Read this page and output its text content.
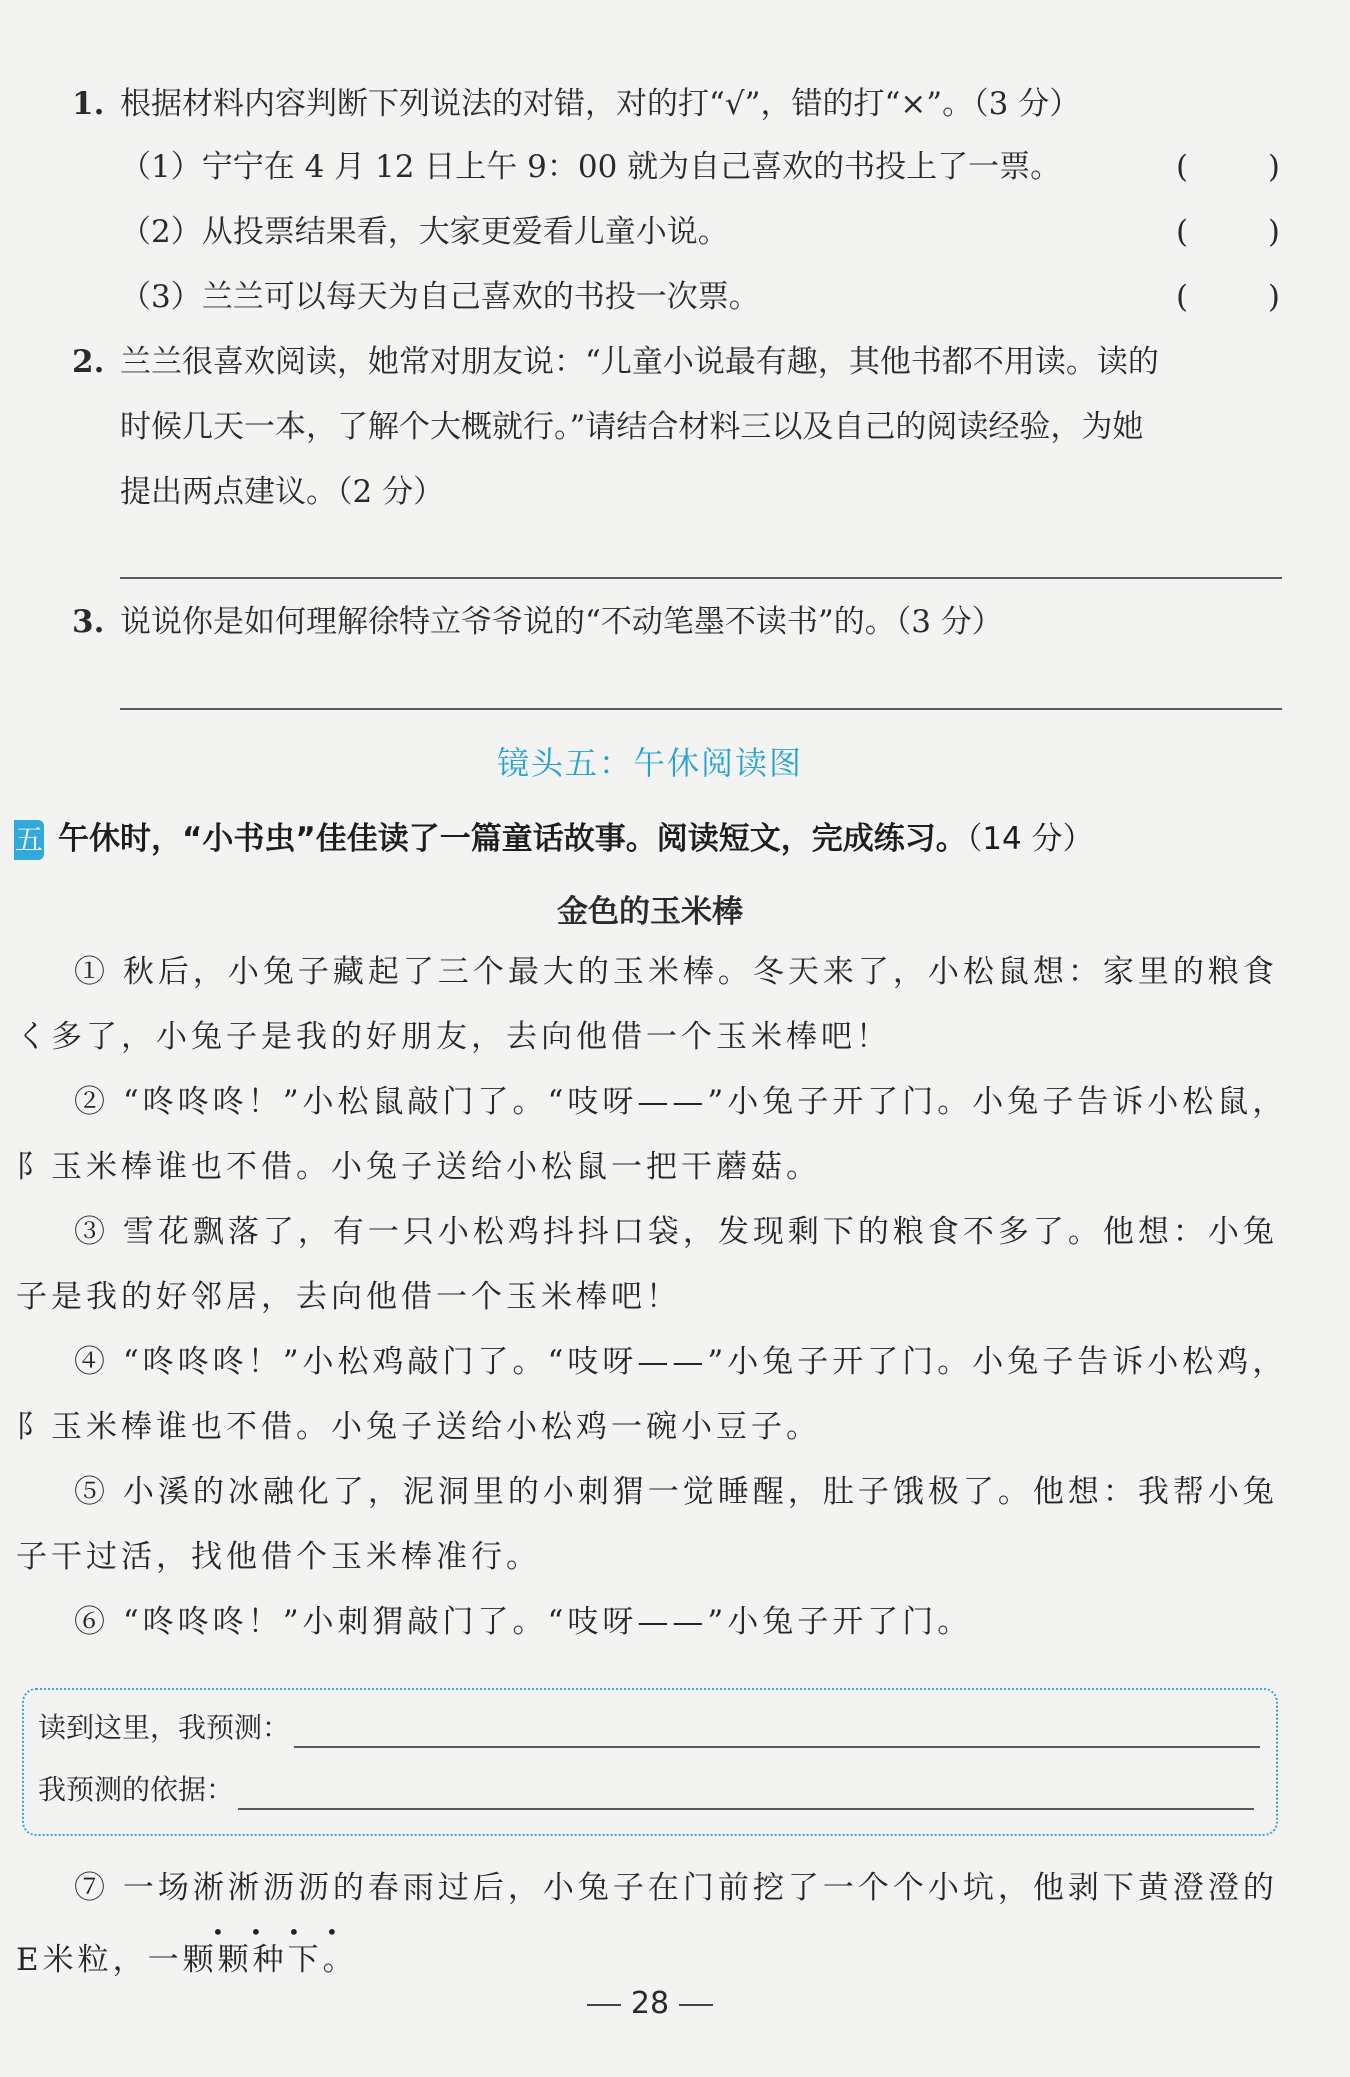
1. 根据材料内容判断下列说法的对错，对的打“√”，错的打“×”。（3 分）
（1）宁宁在 4 月 12 日上午 9：00 就为自己喜欢的书投上了一票。	(	)
（2）从投票结果看，大家更爱看儿童小说。	(	)
（3）兰兰可以每天为自己喜欢的书投一次票。	(	)
2. 兰兰很喜欢阅读，她常对朋友说：“儿童小说最有趣，其他书都不用读。读的
时候几天一本，了解个大概就行。”请结合材料三以及自己的阅读经验，为她
提出两点建议。（2 分）
3. 说说你是如何理解徐特立爷爷说的“不动笔墨不读书”的。（3 分）
镜头五：午休阅读图
五 午休时，“小书虫”佳佳读了一篇童话故事。阅读短文，完成练习。（14 分）
金色的玉米棒
① 秋后，小兔子藏起了三个最大的玉米棒。冬天来了，小松鼠想：家里的粮食
く多了，小兔子是我的好朋友，去向他借一个玉米棒吧！
② “咚咚咚！”小松鼠敲门了。“吱呀——”小兔子开了门。小兔子告诉小松鼠，
阝玉米棒谁也不借。小兔子送给小松鼠一把干蘑菇。
③ 雪花飘落了，有一只小松鸡抖抖口袋，发现剩下的粮食不多了。他想：小兔
子是我的好邻居，去向他借一个玉米棒吧！
④ “咚咚咚！”小松鸡敲门了。“吱呀——”小兔子开了门。小兔子告诉小松鸡，
阝玉米棒谁也不借。小兔子送给小松鸡一碗小豆子。
⑤ 小溪的冰融化了，泥洞里的小刺猬一觉睡醒，肚子饿极了。他想：我帮小兔
子干过活，找他借个玉米棒准行。
⑥ “咚咚咚！”小刺猬敲门了。“吱呀——”小兔子开了门。
读到这里，我预测：
我预测的依据：
⑦ 一场淅淅沥沥的春雨过后，小兔子在门前挖了一个个小坑，他剥下黄澄澄的
• • • •
E米粒，一颗颗种下。
28
